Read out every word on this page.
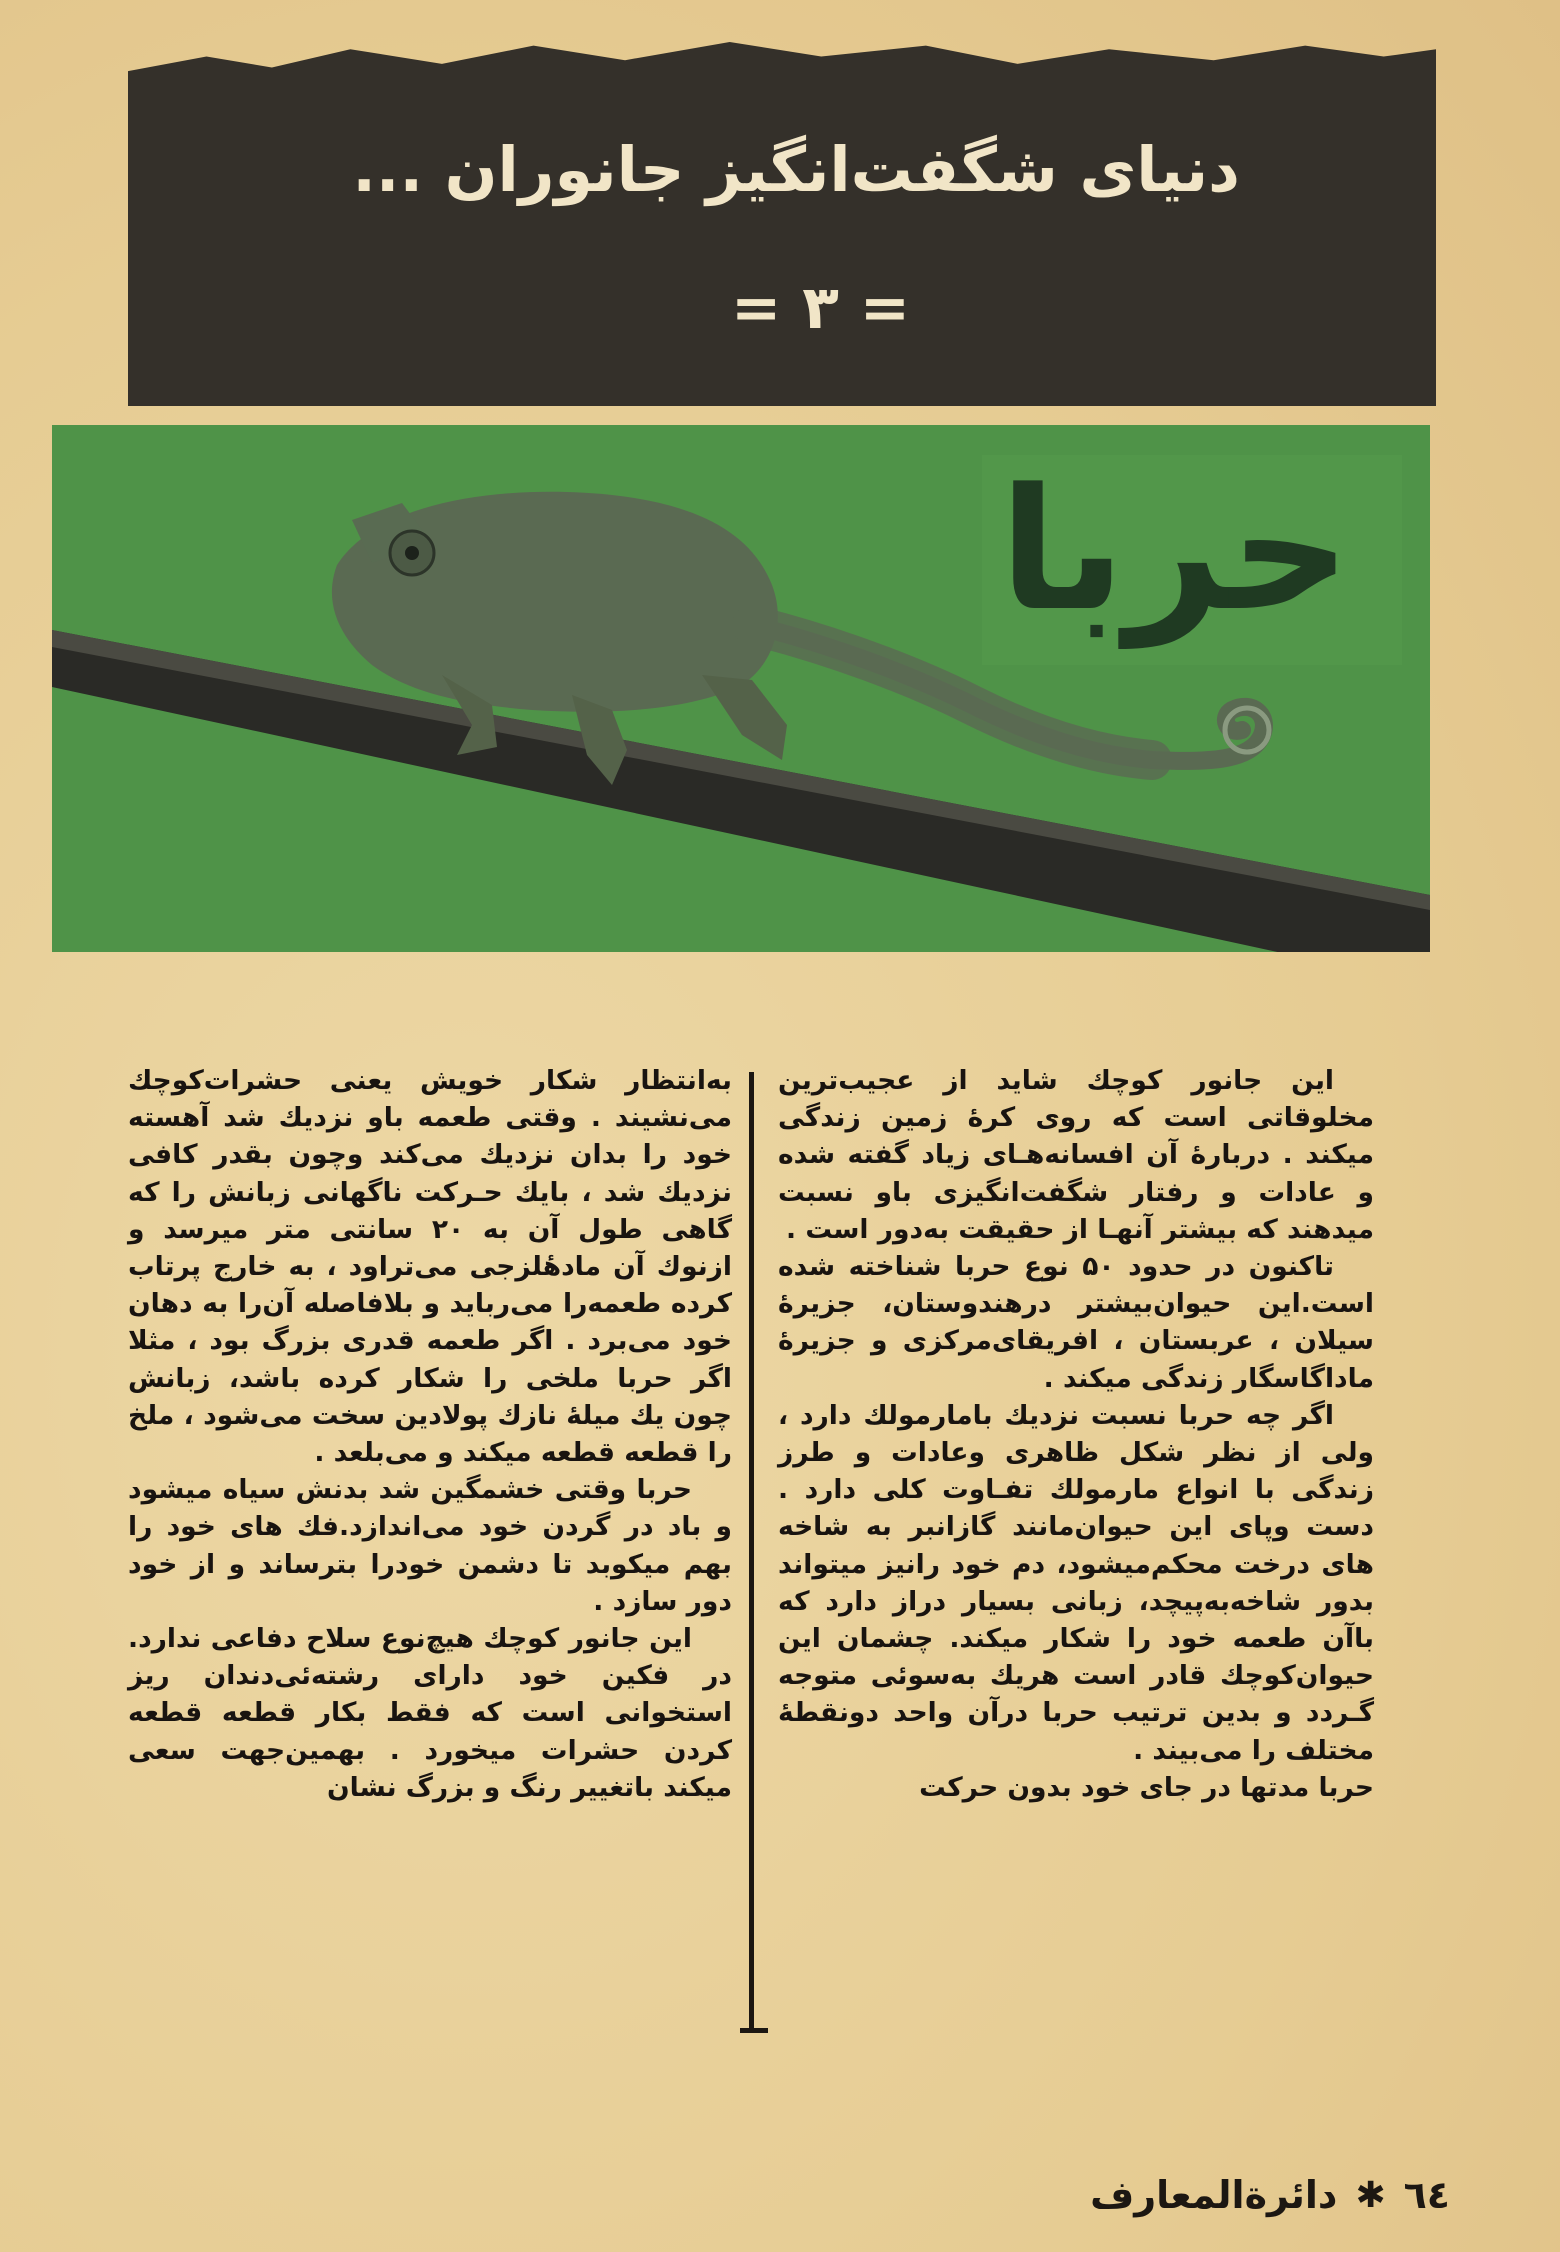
دنیای شگفت‌انگیز جانوران ...
= ۳ =
حربا

این جانور کوچك شاید از عجیب‌ترین مخلوقاتی است که روی کرهٔ زمین زندگی میکند . دربارهٔ آن افسانه‌هـای زیاد گفته شده و عادات و رفتار شگفت‌انگیزی باو نسبت میدهند که بیشتر آنهـا از حقیقت به‌دور است .

تاکنون در حدود ۵۰ نوع حربا شناخته شده است.این حیوان‌بیشتر درهندوستان، جزیرهٔ سیلان ، عربستان ، افریقای‌مرکزی و جزیرهٔ ماداگاسگار زندگی میکند .

اگر چه حربا نسبت نزدیك بامارمولك دارد ، ولی از نظر شکل ظاهری وعادات و طرز زندگی با انواع مارمولك تفـاوت کلی دارد . دست وپای این حیوان‌مانند گازانبر به شاخه های درخت محکم‌میشود، دم خود رانیز میتواند بدور شاخه‌به‌پیچد، زبانی بسیار دراز دارد که باآن طعمه خود را شکار میکند. چشمان این حیوان‌کوچك قادر است هریك به‌سوئی متوجه گـردد و بدین ترتیب حربا درآن واحد دونقطهٔ مختلف را می‌بیند .

حربا مدتها در جای خود بدون حرکت

به‌انتظار شکار خویش یعنی حشرات‌کوچك می‌نشیند . وقتی طعمه باو نزدیك شد آهسته خود را بدان نزدیك می‌کند وچون بقدر کافی نزدیك شد ، بایك حـرکت ناگهانی زبانش را که گاهی طول آن به ۲۰ سانتی متر میرسد و ازنوك آن مادهٔلزجی می‌تراود ، به خارج پرتاب کرده طعمه‌را می‌رباید و بلافاصله آن‌را به دهان خود می‌برد . اگر طعمه قدری بزرگ بود ، مثلا اگر حربا ملخی را شکار کرده باشد، زبانش چون یك میلهٔ نازك پولادین سخت می‌شود ، ملخ را قطعه قطعه میکند و می‌بلعد .

حربا وقتی خشمگین شد بدنش سیاه میشود و باد در گردن خود می‌اندازد.فك های خود را بهم میکوبد تا دشمن خودرا بترساند و از خود دور سازد .

این جانور کوچك هیچ‌نوع سلاح دفاعی ندارد. در فکین خود دارای رشته‌ئی‌دندان ریز استخوانی است که فقط بکار قطعه قطعه کردن حشرات میخورد . بهمین‌جهت سعی میکند باتغییر رنگ و بزرگ نشان

٦٤
✱
دائرةالمعارف
